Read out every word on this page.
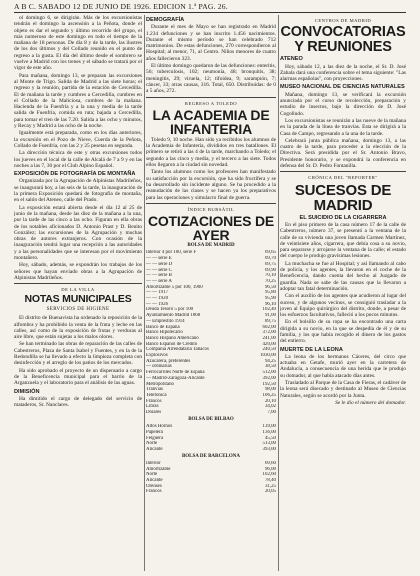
A B C. SABADO 12 DE JUNIO DE 1926. EDICION 1.ª PAG. 26.

ol domingo 6, se dirigirán. Más de los excursionistas tendrán el domingo la ascensión a la Peñota, donde el objeto es dar el segundo y último recorrido del grupo, el más numeroso de este domingo en todo el tiempo de la mañana de 18 personas. De día 8 y de la tarde, las ilustres de los dos últimos y del Collado reunido en el punto de regreso a la gusta. El día del último desde el sombrero se vuelve a Madrid con los trenes y el sábado se tratará por el vigor de este año.

Para mañana, domingo 13, se preparan las excursiones al Monte de Trigo. Salida de Madrid a las siete horas; el regreso y la reunión, partida de la estación de Cercedilla. El de mañana la tarde y cumbres a Cercedilla, cumbres en el Collado de la Maliciosa, cumbres de la mañana. Hacienda de la Fuenfría y a la una y media de la tarde salida de Fuenfría, comida en ruta; bajada a Cercedilla, para tomar el tren de las 7.20. Salida a las ocho y minutos, y Recay y Madrid a las ocho de la noche.

Igualmente está preparada, como en los días anteriores, la excursión en el Pozo de Nieve, Cuerda de la Peñota, Collado de Fuenfría, con las 2 y 25 pesetas en segunda.

La dirección técnica de este y otras excursiones todos los jueves en el local de la calle de Alcalá de 7 a 9 y en las noches a las 7, 30 por el Club Alpino Español.

EXPOSICIÓN DE FOTOGRAFÍA DE MONTAÑA

Organizada por la Agrupación de Alpinistas Madrileños, se inaugurará hoy, a las seis de la tarde, la inauguración de la primera Exposición quedará de fotografía de montaña, en el salón del Ateneo, calle del Prado.

La exposición estará abierta desde el día 12 al 25 de junio de la mañana, desde las diez de la mañana a la una, por la tarde de las cinco a las ocho. Figuran en ella obras de los notables aficionados D. Antonio Prast y D. Benito González; las excursiones de la Agrupación y muchas obras de autores extranjeros. Con ocasión de la inauguración tendrá lugar una recepción a las autoridades y a las personalidades que se interesan por el movimiento montañero.

Hoy, sábado, además, se expondrán los trabajos de los señores que hayan enviado obras a la Agrupación de Alpinistas Madrileños.

DE LA VILLA
NOTAS MUNICIPALES
SERVICIOS DE HIGIENE

El distrito de Buenavista ha ordenado la reposición de la alfombra y ha prohibido la venta de la fruta y leche en las calles, así como de la exposición de frutas y verduras al aire libre, que están sujetas a los malos olores.

Se han terminado las obras de reparación de las calles de Cabestreros, Plaza de Santa Isabel y Fuentes, y en la de la Redondilla se ha llevado a efecto la limpieza completa con desinfección y el arreglo de los patios de los mercados.

Ha sido aprobado el proyecto de un dispensario a cargo de la Beneficencia municipal para el barrio de la Arganzuela y el laboratorio para el análisis de las aguas.

DIMISIÓN

Ha dimitido el cargo de delegado del servicio de mataderos, Sr. Nanclares.

DEMOGRAFÍA

Durante el mes de Mayo se han registrado en Madrid 1.234 defunciones y se han inscrito 1.456 nacimientos. Durante el mismo período se han celebrado 712 matrimonios. De estas defunciones, 270 correspondieron al Hospital; al menor, 71, al Centro. Niños menores de cuatro años fallecieron 323.

El último domingo quedaron de las defunciones: enteritis, 56; tuberculosis, 102; neumonía, 48; bronquitis, 38; meningitis, 29; viruela, 12; tifoidea, 9; sarampión, 7; cáncer, 33; otras causas, 316. Total, 650. Distribuidas: de 0 a 5 años, 272.

REGRESO A TOLEDO
LA ACADEMIA DE INFANTERIA

Toledo 9, 10 noche. Han sido ya recibidos los alumnos de la Academia de Infantería, divididos en tres batallones. El primero se retiró a las 4 de la tarde, marchando a Toledo; el segundo a las cinco y media, y el tercero a las siete. Todos ellos llegaron a la ciudad sin novedad.

Tanto los alumnos como los profesores han manifestado su satisfacción por la excursión, que ha sido fructífera y se ha desarrollado sin incidente alguno. Se ha procedido a la reanudación de las clases y se hacen ya los preparativos para las operaciones y simulacro final de guerra.

ÍNDICE BURSÁTIL
COTIZACIONES DE AYER
BOLSA DE MADRID
Interior 4 por 100, serie F	69,65
— — serie E	69,70
— — serie D	69,75
— — serie C	69,90
— — serie B	70,10
— — serie A	70,25
Amortizable 5 por 100, 1900	96,50
— — 1917	95,80
— — 1920	95,90
— — 1926	96,10
Deuda Tesoro 5 por 100	102,40
Ayuntamiento Madrid 1868	91,00
— Empréstito 1914	89,75
Banco de España	602,00
Banco Hipotecario	372,00
Banco Hispano Americano	241,00
Banco Español de Crédito	420,00
Compañía Arrendataria Tabacos	240,50
Explosivos	1030,00
Azucarera, preferentes	94,25
— ordinarias	38,50
Ferrocarriles Norte de España	512,00
— Madrid-Zaragoza-Alicante	392,00
Metropolitano	192,50
Tranvías	98,00
Telefónica	106,25
Francos	20,10
Libras	34,02
Dólares	7,00
BOLSA DE BILBAO
Altos Hornos	139,00
Papelera	136,00
Felguera	45,50
Norte	513,00
Alicante	393,00
BOLSA DE BARCELONA
Interior	69,60
Amortizable	96,00
Norte	102,60
Alicante	78,40
Orenses	31,25
Francos	20,05
CENTROS DE MADRID
CONVOCATORIAS Y REUNIONES
ATENEO

Hoy, sábado 12, a las diez de la noche, el Sr. D. José Zabala dará una conferencia sobre el tema siguiente: "Las alarmas españolas", con proyecciones.

MUSEO NACIONAL DE CIENCIAS NATURALES

Mañana, domingo 13, se verificará la excursión anunciada por el curso de recolección, preparación y estudio de insectos, bajo la dirección de D. José Cogolludo.

Los excursionistas se reunirán a las nueve de la mañana en la parada de la línea de tranvías. Esta se dirigirá a la Casa de Campo, regresando a la una de la tarde.

Celebrará junta pública mañana, domingo 13, a las cuatro de la tarde, para proceder a la elección de la Directiva. Será presidida por el Sr. Antonio Bravo, Presidente honorario, y se expondrá la conferencia en defensa del Sr. D. Pedro Fontanilla.

CRÓNICA DEL "REPORTER"
SUCESOS DE MADRID
EL SUICIDIO DE LA CIGARRERA

En el piso primero de la casa número 17 de la calle de Cabestreros, número 37, se presentó a la ventana de la calle de su vivienda una joven llamada Carmen Martínez, de veintisiete años, cigarrera, que debía cosa a su novio, para separarse y arrojarse la ventana de la calle; el estado del cuerpo le produjo gravísimas lesiones.

La muchacha se fue al Hospital; y así llamando al cabo de policía, y los agentes, la llevaron en el coche de la Beneficencia, dando cuenta del hecho al Juzgado de guardia. Nada se sabe de las causas que la llevaron a adoptar tan fatal determinación.

Con el auxilio de los agentes que acudieron al lugar del suceso, y de algunos vecinos, se consiguió trasladar a la joven al Equipo quirúrgico del distrito, donde, a pesar de los esfuerzos facultativos, falleció a los pocos minutos.

En el bolsillo de su ropa se ha encontrado una carta dirigida a su novio, en la que se despedía de él y de su familia, y los que había recogido el dinero de los gastos del entierro.

MUERTE DE LA LEONA

La leona de los hermanos Cáceres, del circo que actuaba en Getafe, murió ayer en la carretera de Andalucía, a consecuencia de una herida que le produjo su domador, al que había atacado días antes.

Trasladado al Parque de la Casa de Fieras, el cadáver de la leona será disecado y destinado al Museo de Ciencias Naturales, según se acordó por la Junta.

Se le dio el número del domador.
